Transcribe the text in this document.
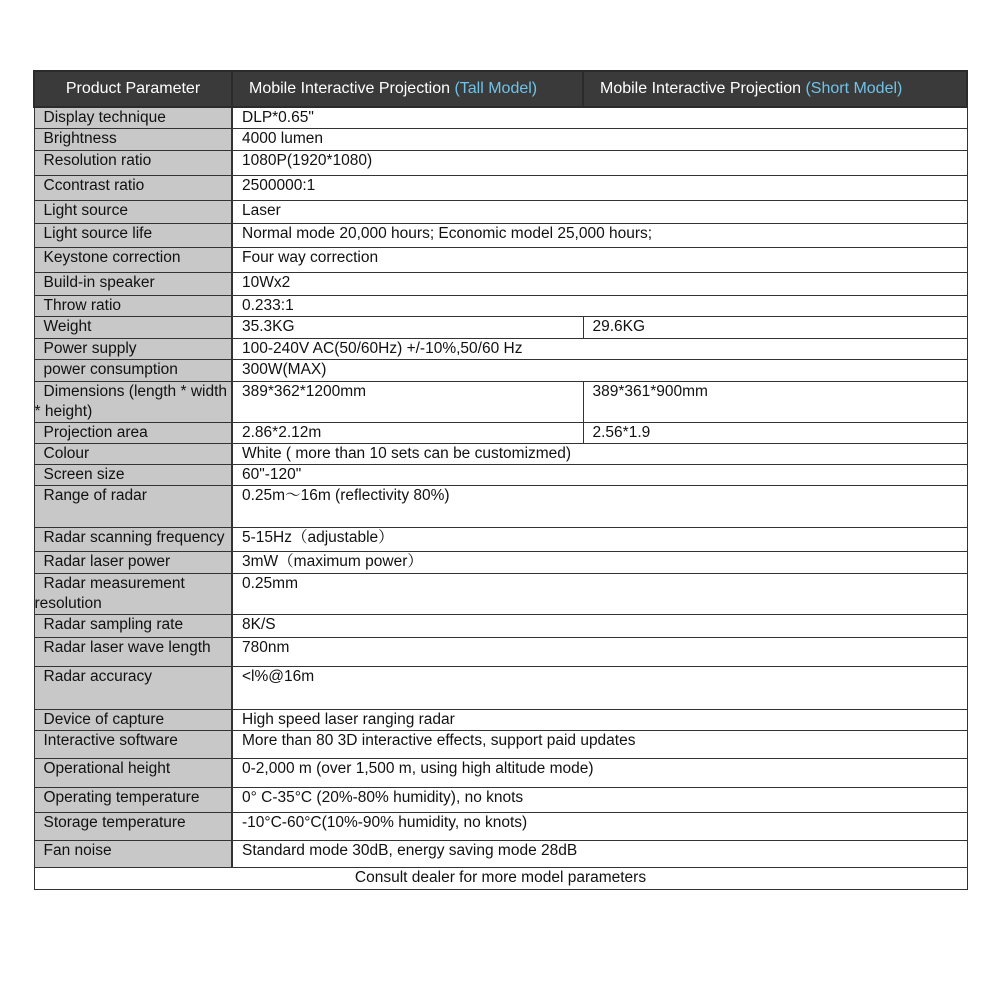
Product Parameter	Mobile Interactive Projection (Tall Model)	Mobile Interactive Projection (Short Model)
Display technique	DLP*0.65"	
Brightness	4000 lumen	
Resolution ratio	1080P(1920*1080)	
Ccontrast ratio	2500000:1	
Light source	Laser	
Light source life	Normal mode 20,000 hours; Economic model 25,000 hours;	
Keystone correction	Four way correction	
Build-in speaker	10Wx2	
Throw ratio	0.233:1	
Weight	35.3KG	29.6KG
Power supply	100-240V AC(50/60Hz) +/-10%,50/60 Hz	
power consumption	300W(MAX)	
Dimensions (length * width * height)	389*362*1200mm	389*361*900mm
Projection area	2.86*2.12m	2.56*1.9
Colour	White ( more than 10 sets can be customizmed)	
Screen size	60"-120"	
Range of radar	0.25m～16m (reflectivity 80%)	
Radar scanning frequency	5-15Hz（adjustable）	
Radar laser power	3mW（maximum power）	
Radar measurement resolution	0.25mm	
Radar sampling rate	8K/S	
Radar laser wave length	780nm	
Radar accuracy	<l%@16m	
Device of capture	High speed laser ranging radar	
Interactive software	More than 80 3D interactive effects, support paid updates	
Operational height	0-2,000 m (over 1,500 m, using high altitude mode)	
Operating temperature	0° C-35°C (20%-80% humidity), no knots	
Storage temperature	-10°C-60°C(10%-90% humidity, no knots)	
Fan noise	Standard mode 30dB, energy saving mode 28dB	
Consult dealer for more model parameters		
